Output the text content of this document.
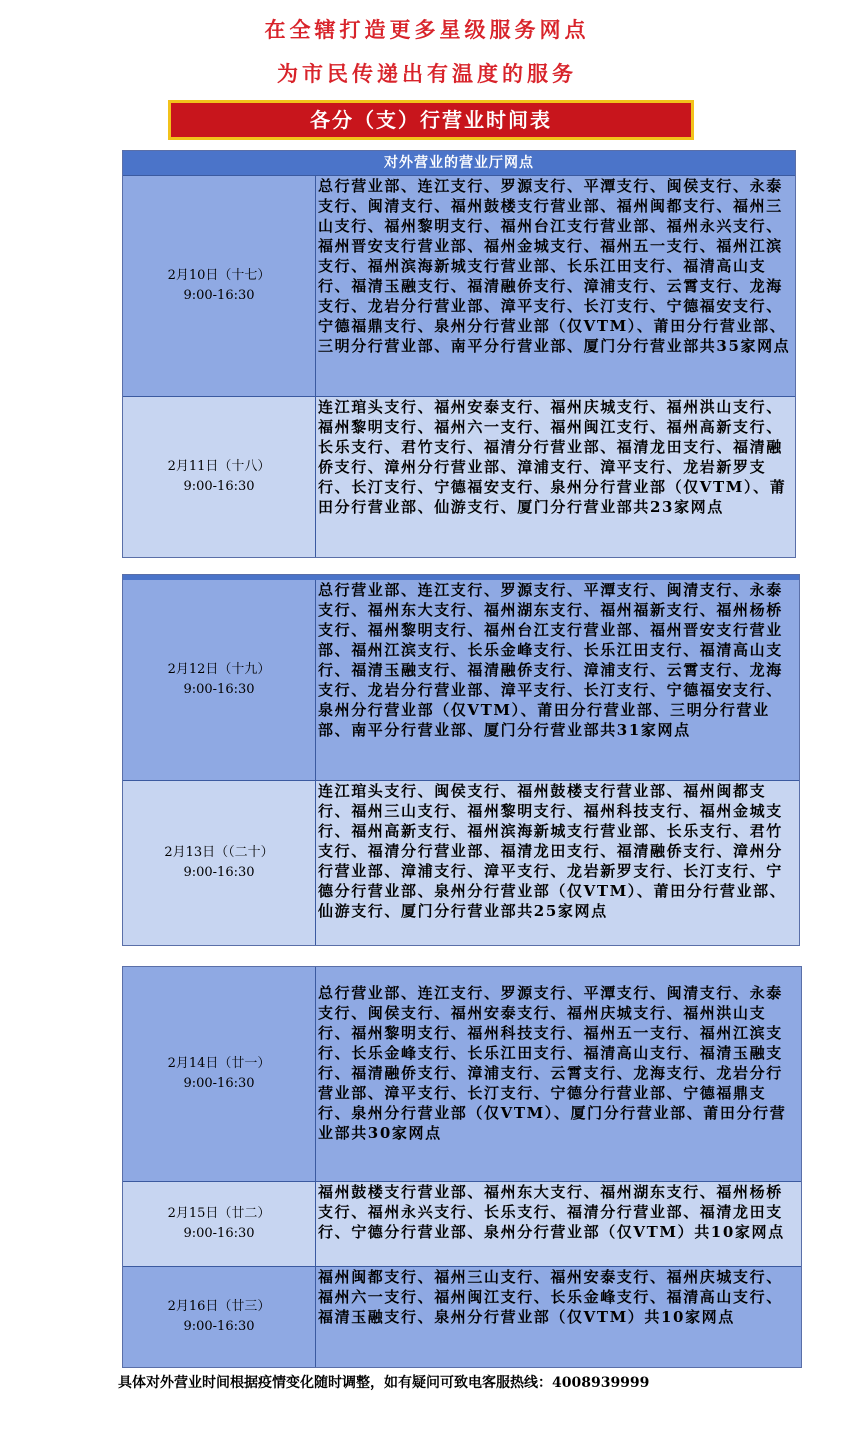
在全辖打造更多星级服务网点
为市民传递出有温度的服务
各分（支）行营业时间表
对外营业的营业厅网点
2月10日（十七）
9:00-16:30
总行营业部、连江支行、罗源支行、平潭支行、闽侯支行、永泰支行、闽清支行、福州鼓楼支行营业部、福州闽都支行、福州三山支行、福州黎明支行、福州台江支行营业部、福州永兴支行、福州晋安支行营业部、福州金城支行、福州五一支行、福州江滨支行、福州滨海新城支行营业部、长乐江田支行、福清高山支行、福清玉融支行、福清融侨支行、漳浦支行、云霄支行、龙海支行、龙岩分行营业部、漳平支行、长汀支行、宁德福安支行、宁德福鼎支行、泉州分行营业部（仅VTM）、莆田分行营业部、三明分行营业部、南平分行营业部、厦门分行营业部共35家网点
2月11日（十八）
9:00-16:30
连江琯头支行、福州安泰支行、福州庆城支行、福州洪山支行、福州黎明支行、福州六一支行、福州闽江支行、福州高新支行、长乐支行、君竹支行、福清分行营业部、福清龙田支行、福清融侨支行、漳州分行营业部、漳浦支行、漳平支行、龙岩新罗支行、长汀支行、宁德福安支行、泉州分行营业部（仅VTM）、莆田分行营业部、仙游支行、厦门分行营业部共23家网点
2月12日（十九）
9:00-16:30
总行营业部、连江支行、罗源支行、平潭支行、闽清支行、永泰支行、福州东大支行、福州湖东支行、福州福新支行、福州杨桥支行、福州黎明支行、福州台江支行营业部、福州晋安支行营业部、福州江滨支行、长乐金峰支行、长乐江田支行、福清高山支行、福清玉融支行、福清融侨支行、漳浦支行、云霄支行、龙海支行、龙岩分行营业部、漳平支行、长汀支行、宁德福安支行、泉州分行营业部（仅VTM）、莆田分行营业部、三明分行营业部、南平分行营业部、厦门分行营业部共31家网点
2月13日（（二十）
9:00-16:30
连江琯头支行、闽侯支行、福州鼓楼支行营业部、福州闽都支行、福州三山支行、福州黎明支行、福州科技支行、福州金城支行、福州高新支行、福州滨海新城支行营业部、长乐支行、君竹支行、福清分行营业部、福清龙田支行、福清融侨支行、漳州分行营业部、漳浦支行、漳平支行、龙岩新罗支行、长汀支行、宁德分行营业部、泉州分行营业部（仅VTM）、莆田分行营业部、仙游支行、厦门分行营业部共25家网点
2月14日（廿一）
9:00-16:30
总行营业部、连江支行、罗源支行、平潭支行、闽清支行、永泰支行、闽侯支行、福州安泰支行、福州庆城支行、福州洪山支行、福州黎明支行、福州科技支行、福州五一支行、福州江滨支行、长乐金峰支行、长乐江田支行、福清高山支行、福清玉融支行、福清融侨支行、漳浦支行、云霄支行、龙海支行、龙岩分行营业部、漳平支行、长汀支行、宁德分行营业部、宁德福鼎支行、泉州分行营业部（仅VTM）、厦门分行营业部、莆田分行营业部共30家网点
2月15日（廿二）
9:00-16:30
福州鼓楼支行营业部、福州东大支行、福州湖东支行、福州杨桥支行、福州永兴支行、长乐支行、福清分行营业部、福清龙田支行、宁德分行营业部、泉州分行营业部（仅VTM）共10家网点
2月16日（廿三）
9:00-16:30
福州闽都支行、福州三山支行、福州安泰支行、福州庆城支行、福州六一支行、福州闽江支行、长乐金峰支行、福清高山支行、福清玉融支行、泉州分行营业部（仅VTM）共10家网点
具体对外营业时间根据疫情变化随时调整，如有疑问可致电客服热线：4008939999
